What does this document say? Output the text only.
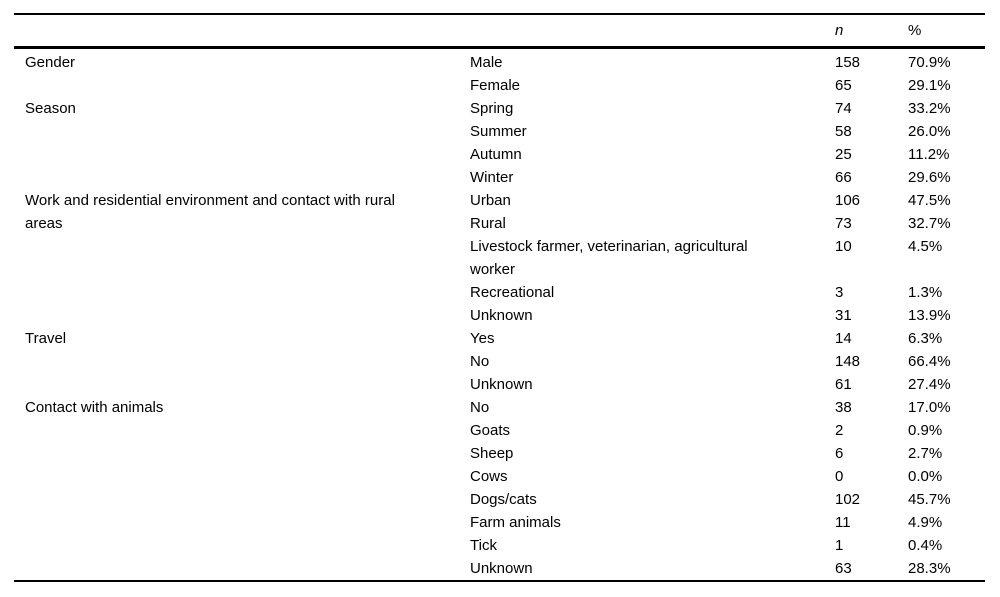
		n	%
Gender	Male	158	70.9%
	Female	65	29.1%
Season	Spring	74	33.2%
	Summer	58	26.0%
	Autumn	25	11.2%
	Winter	66	29.6%
Work and residential environment and contact with rural areas	Urban	106	47.5%
	Rural	73	32.7%
	Livestock farmer, veterinarian, agricultural worker	10	4.5%
	Recreational	3	1.3%
	Unknown	31	13.9%
Travel	Yes	14	6.3%
	No	148	66.4%
	Unknown	61	27.4%
Contact with animals	No	38	17.0%
	Goats	2	0.9%
	Sheep	6	2.7%
	Cows	0	0.0%
	Dogs/cats	102	45.7%
	Farm animals	11	4.9%
	Tick	1	0.4%
	Unknown	63	28.3%
